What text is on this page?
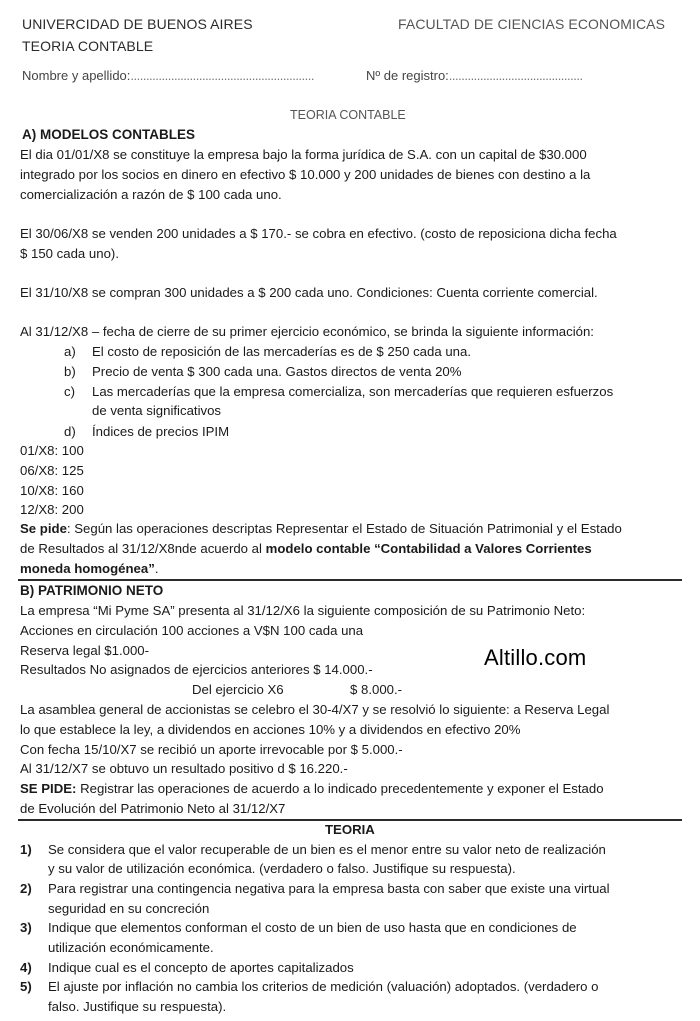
UNIVERCIDAD DE BUENOS AIRES	FACULTAD DE CIENCIAS ECONOMICAS
TEORIA CONTABLE
Nombre y apellido:...........................................................	Nº de registro:...........................................
TEORIA CONTABLE
A) MODELOS CONTABLES
El dia 01/01/X8 se constituye la empresa bajo la forma jurídica de S.A. con un capital de $30.000
integrado por los socios en dinero en efectivo $ 10.000 y 200 unidades de bienes con destino a la
comercialización a razón de $ 100 cada uno.
El 30/06/X8 se venden 200 unidades a $ 170.- se cobra en efectivo. (costo de reposiciona dicha fecha
$ 150 cada uno).
El 31/10/X8 se compran 300 unidades a $ 200 cada uno. Condiciones: Cuenta corriente comercial.
Al 31/12/X8 – fecha de cierre de su primer ejercicio económico, se brinda la siguiente información:
a) El costo de reposición de las mercaderías es de $ 250 cada una.
b) Precio de venta $ 300 cada una. Gastos directos de venta 20%
c) Las mercaderías que la empresa comercializa, son mercaderías que requieren esfuerzos
de venta significativos
d) Índices de precios IPIM
01/X8: 100
06/X8: 125
10/X8: 160
12/X8: 200
Se pide: Según las operaciones descriptas Representar el Estado de Situación Patrimonial y el Estado
de Resultados al 31/12/X8nde acuerdo al modelo contable “Contabilidad a Valores Corrientes
moneda homogénea”.
B) PATRIMONIO NETO
La empresa “Mi Pyme SA” presenta al 31/12/X6 la siguiente composición de su Patrimonio Neto:
Acciones en circulación 100 acciones a V$N 100 cada una
Reserva legal $1.000-
Resultados No asignados de ejercicios anteriores $ 14.000.-
Del ejercicio X6	$ 8.000.-
La asamblea general de accionistas se celebro el 30-4/X7 y se resolvió lo siguiente: a Reserva Legal
lo que establece la ley, a dividendos en acciones 10% y a dividendos en efectivo 20%
Con fecha 15/10/X7 se recibió un aporte irrevocable por $ 5.000.-
Al 31/12/X7 se obtuvo un resultado positivo d $ 16.220.-
SE PIDE: Registrar las operaciones de acuerdo a lo indicado precedentemente y exponer el Estado
de Evolución del Patrimonio Neto al 31/12/X7
TEORIA
1) Se considera que el valor recuperable de un bien es el menor entre su valor neto de realización
y su valor de utilización económica. (verdadero o falso. Justifique su respuesta).
2) Para registrar una contingencia negativa para la empresa basta con saber que existe una virtual
seguridad en su concreción
3) Indique que elementos conforman el costo de un bien de uso hasta que en condiciones de
utilización económicamente.
4) Indique cual es el concepto de aportes capitalizados
5) El ajuste por inflación no cambia los criterios de medición (valuación) adoptados. (verdadero o
falso. Justifique su respuesta).
Altillo.com
